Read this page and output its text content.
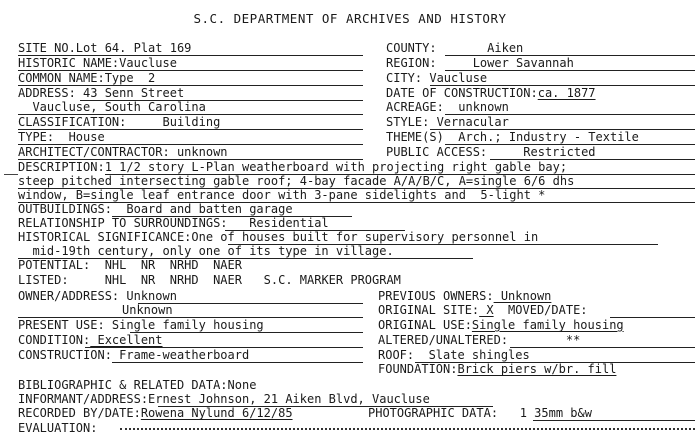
S.C. DEPARTMENT OF ARCHIVES AND HISTORY
SITE NO.Lot 64. Plat 169
HISTORIC NAME:Vaucluse
COMMON NAME:Type  2
ADDRESS: 43 Senn Street
Vaucluse, South Carolina
CLASSIFICATION:     Building
TYPE:  House
ARCHITECT/CONTRACTOR: unknown
COUNTY:       Aiken
REGION:     Lower Savannah
CITY: Vaucluse
DATE OF CONSTRUCTION:ca. 1877
ACREAGE:  unknown
STYLE: Vernacular
THEME(S)  Arch.; Industry - Textile
PUBLIC ACCESS:     Restricted
DESCRIPTION:1 1/2 story L-Plan weatherboard with projecting right gable bay;
steep pitched intersecting gable roof; 4-bay facade A/A/B/C, A=single 6/6 dhs
window, B=single leaf entrance door with 3-pane sidelights and  5-light *
OUTBUILDINGS:  Board and batten garage
RELATIONSHIP TO SURROUNDINGS:   Residential
HISTORICAL SIGNIFICANCE:One of houses built for supervisory personnel in
mid-19th century, only one of its type in village.
POTENTIAL:  NHL  NR  NRHD  NAER
LISTED:     NHL  NR  NRHD  NAER   S.C. MARKER PROGRAM
OWNER/ADDRESS: Unknown
Unknown
PREVIOUS OWNERS: Unknown
ORIGINAL SITE: X  MOVED/DATE:
PRESENT USE: Single family housing	ORIGINAL USE:Single family housing
CONDITION: Excellent	ALTERED/UNALTERED:        **
CONSTRUCTION: Frame-weatherboard	ROOF:  Slate shingles
FOUNDATION:Brick piers w/br. fill
BIBLIOGRAPHIC & RELATED DATA:None
INFORMANT/ADDRESS:Ernest Johnson, 21 Aiken Blvd, Vaucluse
RECORDED BY/DATE:Rowena Nylund 6/12/85	PHOTOGRAPHIC DATA:   1 35mm b&w
EVALUATION:
